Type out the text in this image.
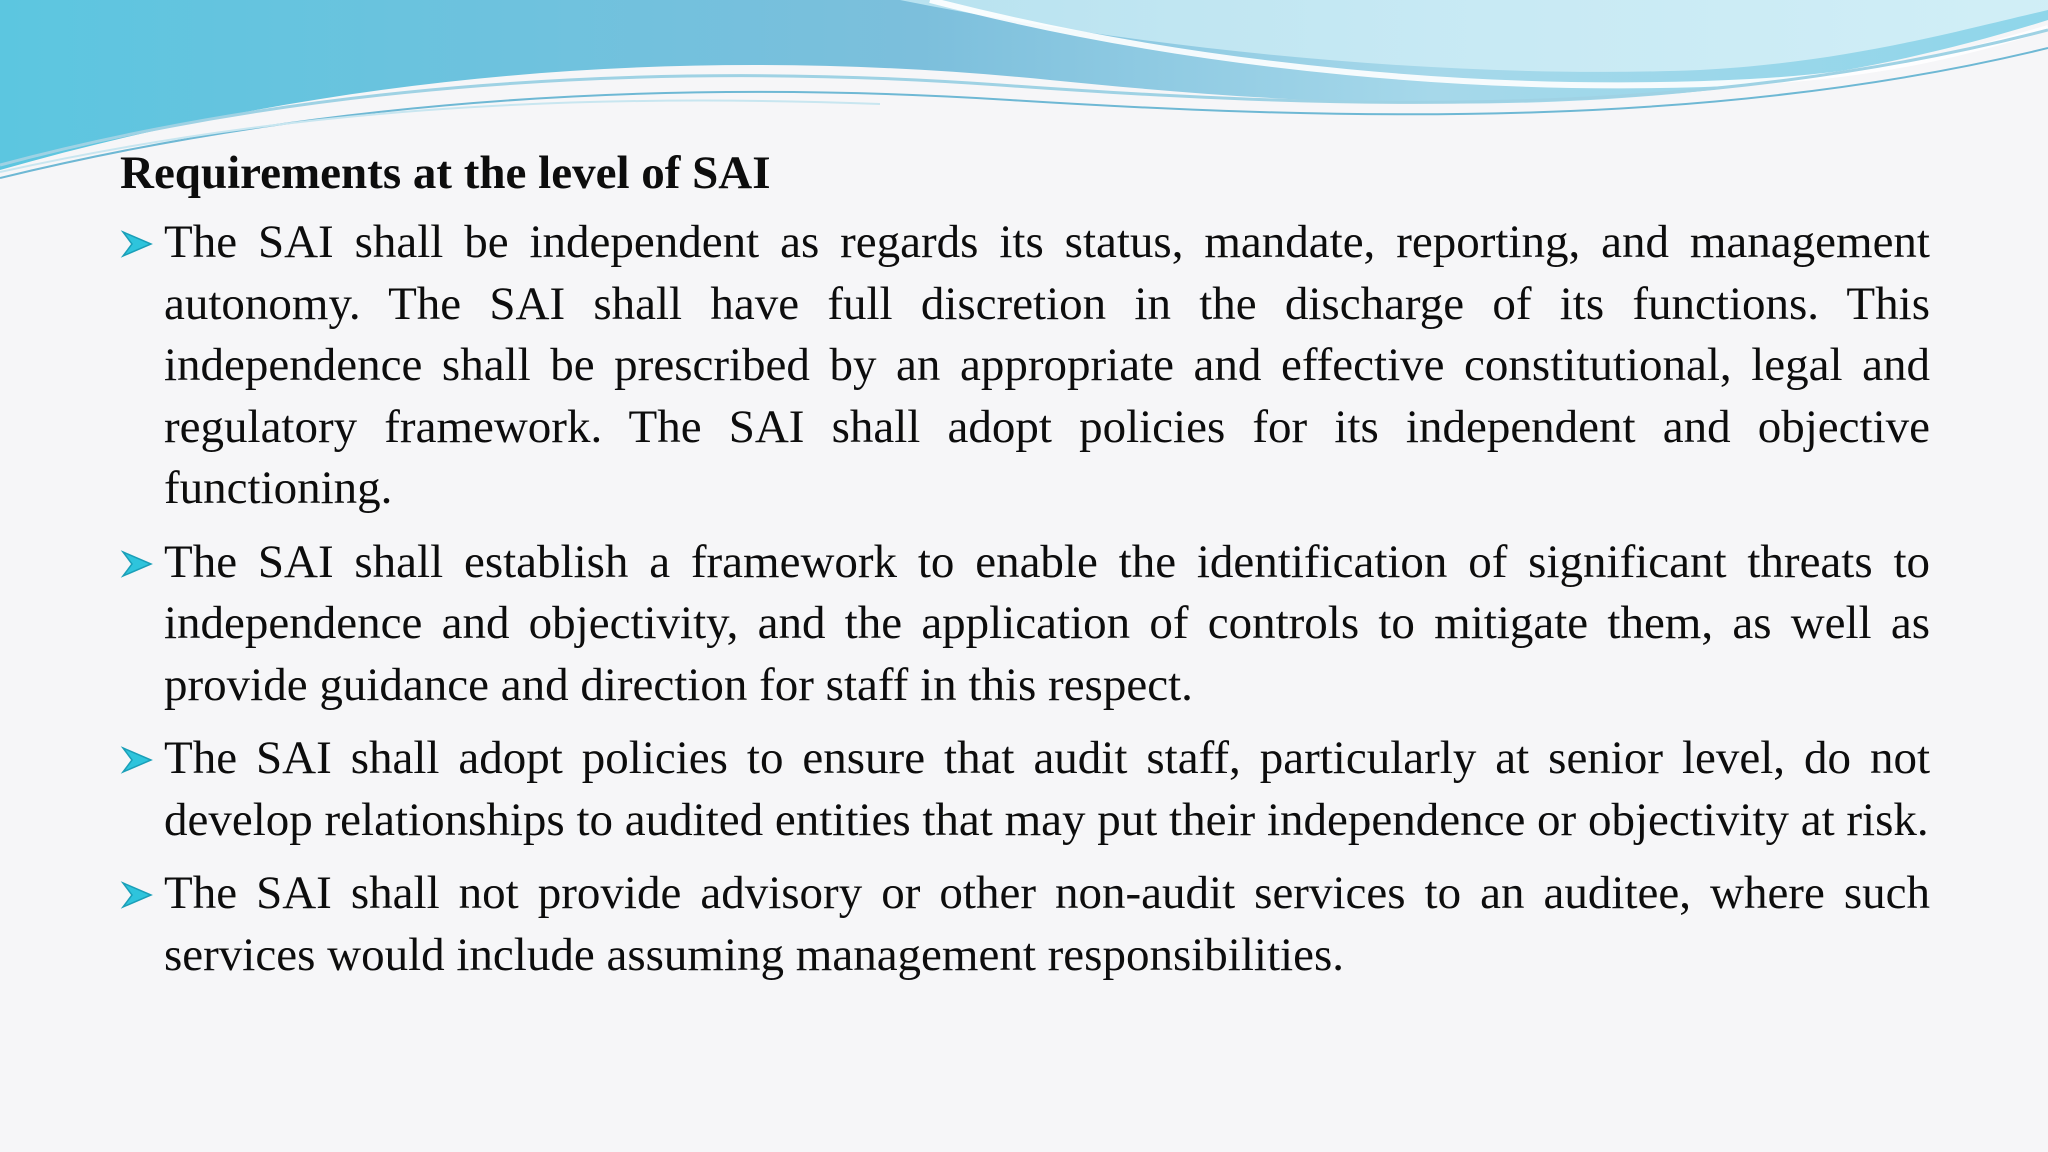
Requirements at the level of SAI
The SAI shall be independent as regards its status, mandate, reporting, and management autonomy. The SAI shall have full discretion in the discharge of its functions. This independence shall be prescribed by an appropriate and effective constitutional, legal and regulatory framework. The SAI shall adopt policies for its independent and objective functioning.
The SAI shall establish a framework to enable the identification of significant threats to independence and objectivity, and the application of controls to mitigate them, as well as provide guidance and direction for staff in this respect.
The SAI shall adopt policies to ensure that audit staff, particularly at senior level, do not develop relationships to audited entities that may put their independence or objectivity at risk.
The SAI shall not provide advisory or other non-audit services to an auditee, where such services would include assuming management responsibilities.
